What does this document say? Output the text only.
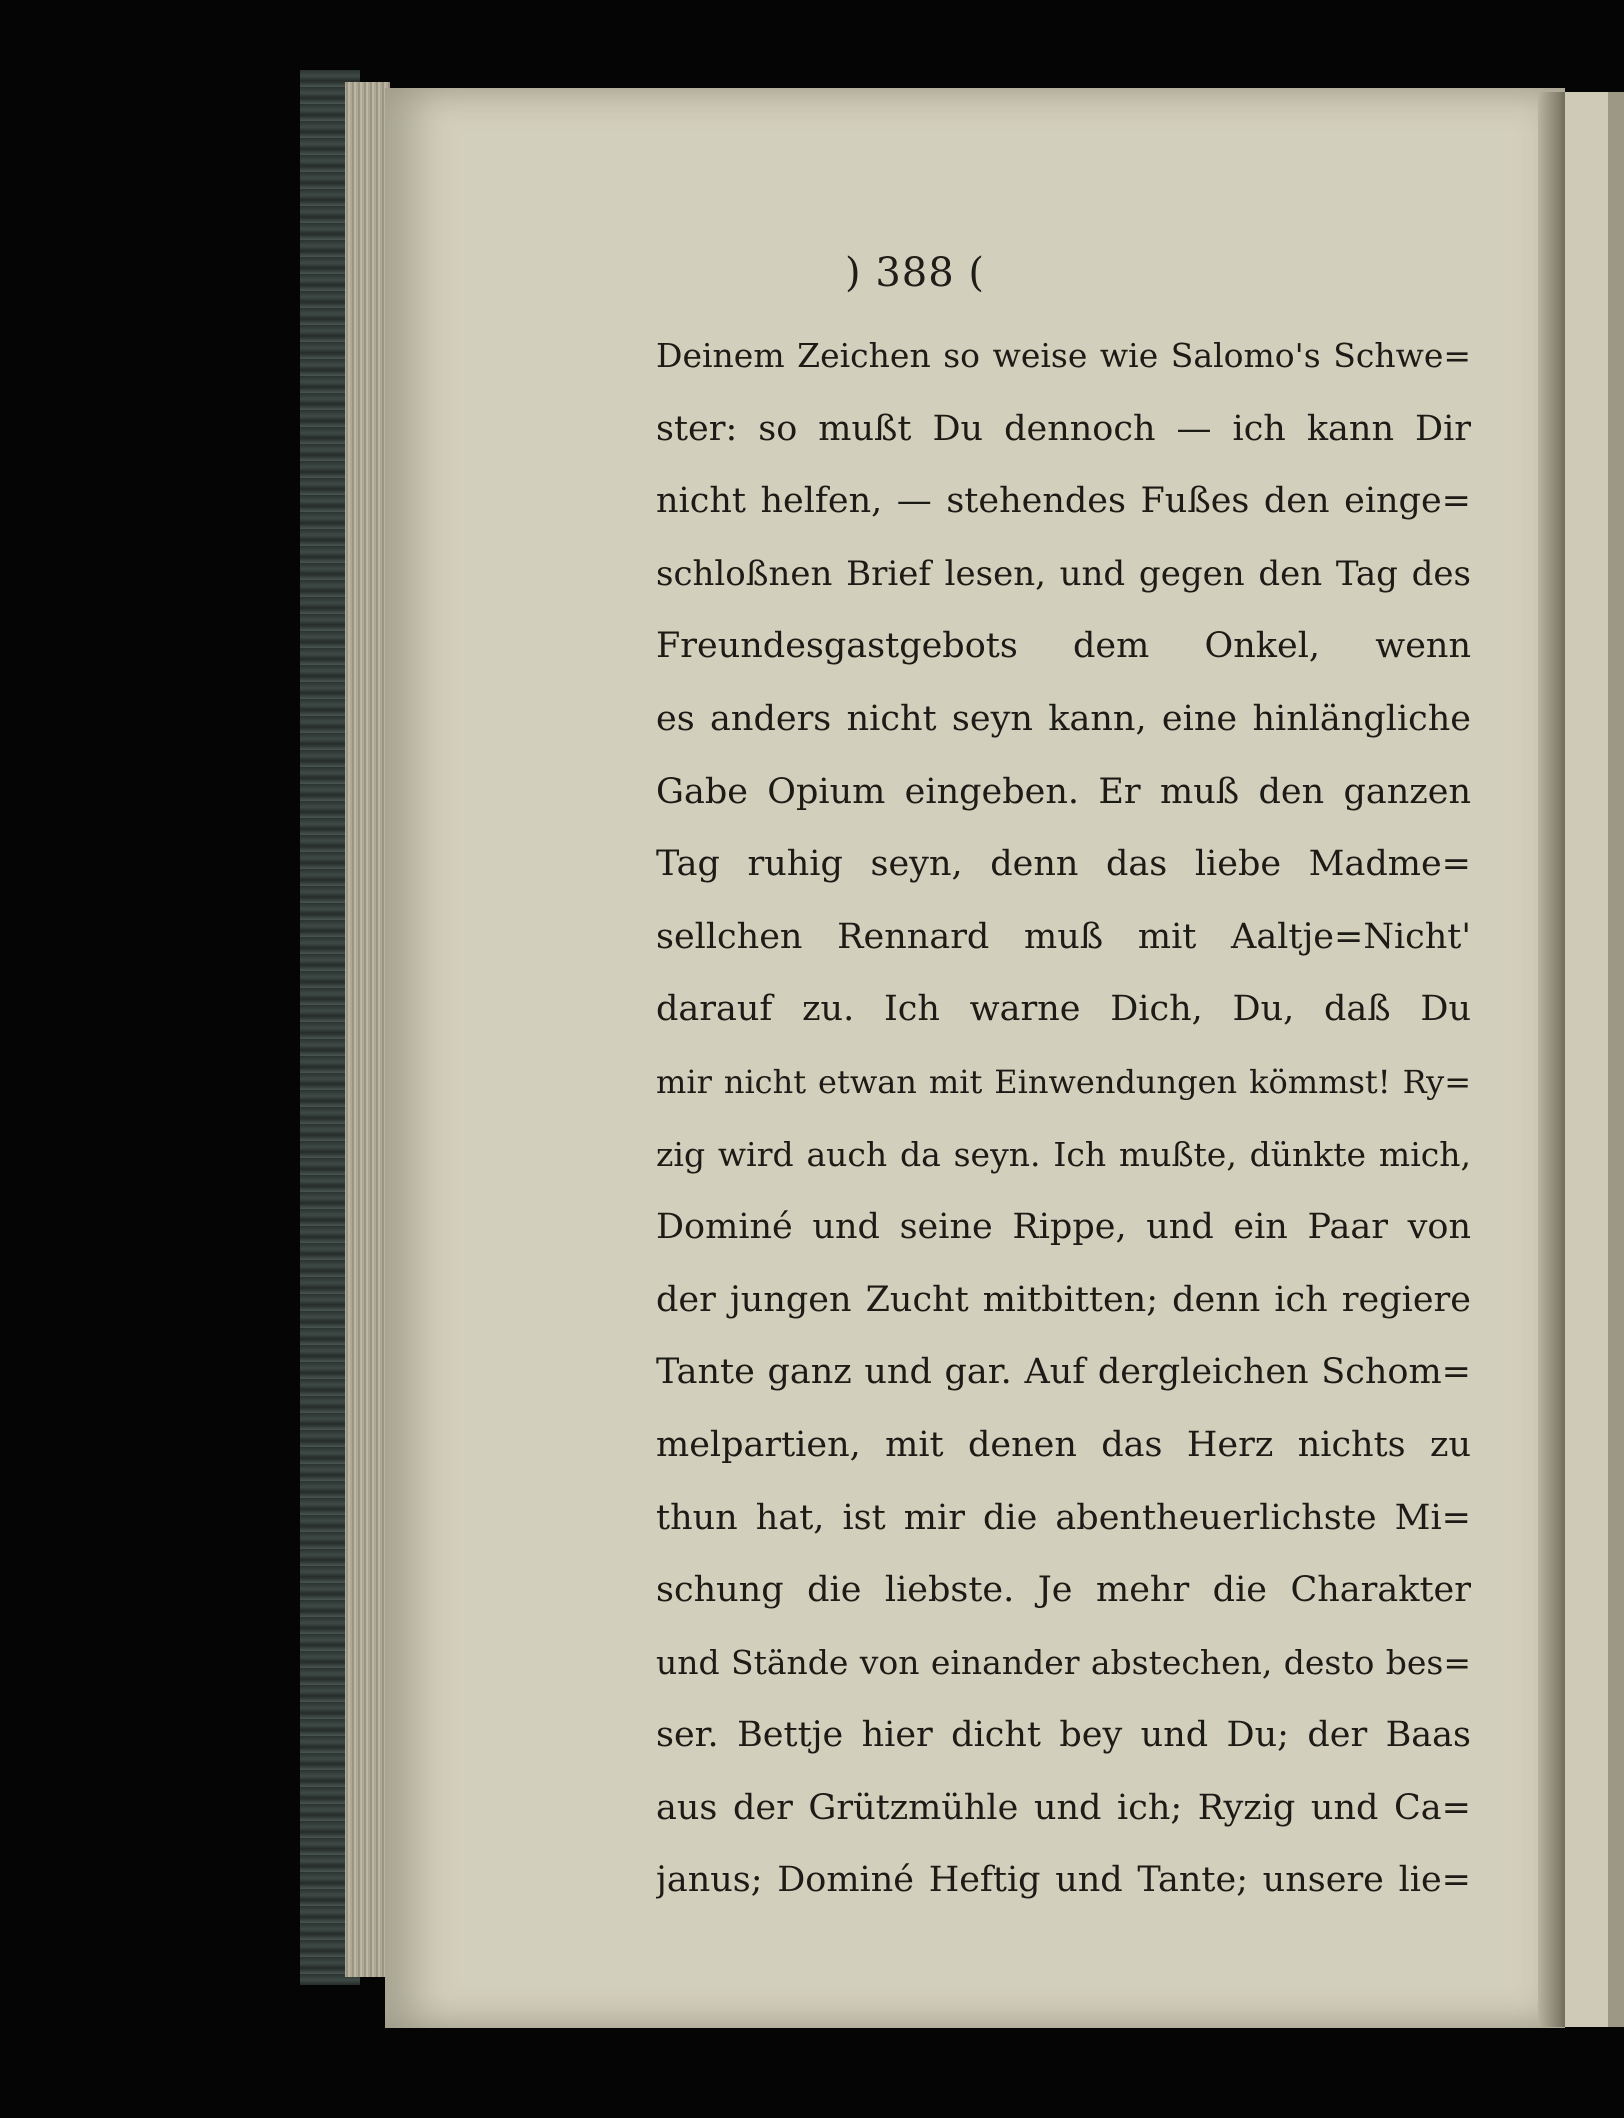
) 388 (
Deinem Zeichen so weise wie Salomo's Schwe=
ster: so mußt Du dennoch — ich kann Dir
nicht helfen, — stehendes Fußes den einge=
schloßnen Brief lesen, und gegen den Tag des
Freundesgastgebots dem Onkel, wenn
es anders nicht seyn kann, eine hinlängliche
Gabe Opium eingeben. Er muß den ganzen
Tag ruhig seyn, denn das liebe Madme=
sellchen Rennard muß mit Aaltje=Nicht'
darauf zu. Ich warne Dich, Du, daß Du
mir nicht etwan mit Einwendungen kömmst! Ry=
zig wird auch da seyn. Ich mußte, dünkte mich,
Dominé und seine Rippe, und ein Paar von
der jungen Zucht mitbitten; denn ich regiere
Tante ganz und gar. Auf dergleichen Schom=
melpartien, mit denen das Herz nichts zu
thun hat, ist mir die abentheuerlichste Mi=
schung die liebste. Je mehr die Charakter
und Stände von einander abstechen, desto bes=
ser. Bettje hier dicht bey und Du; der Baas
aus der Grützmühle und ich; Ryzig und Ca=
janus; Dominé Heftig und Tante; unsere lie=
